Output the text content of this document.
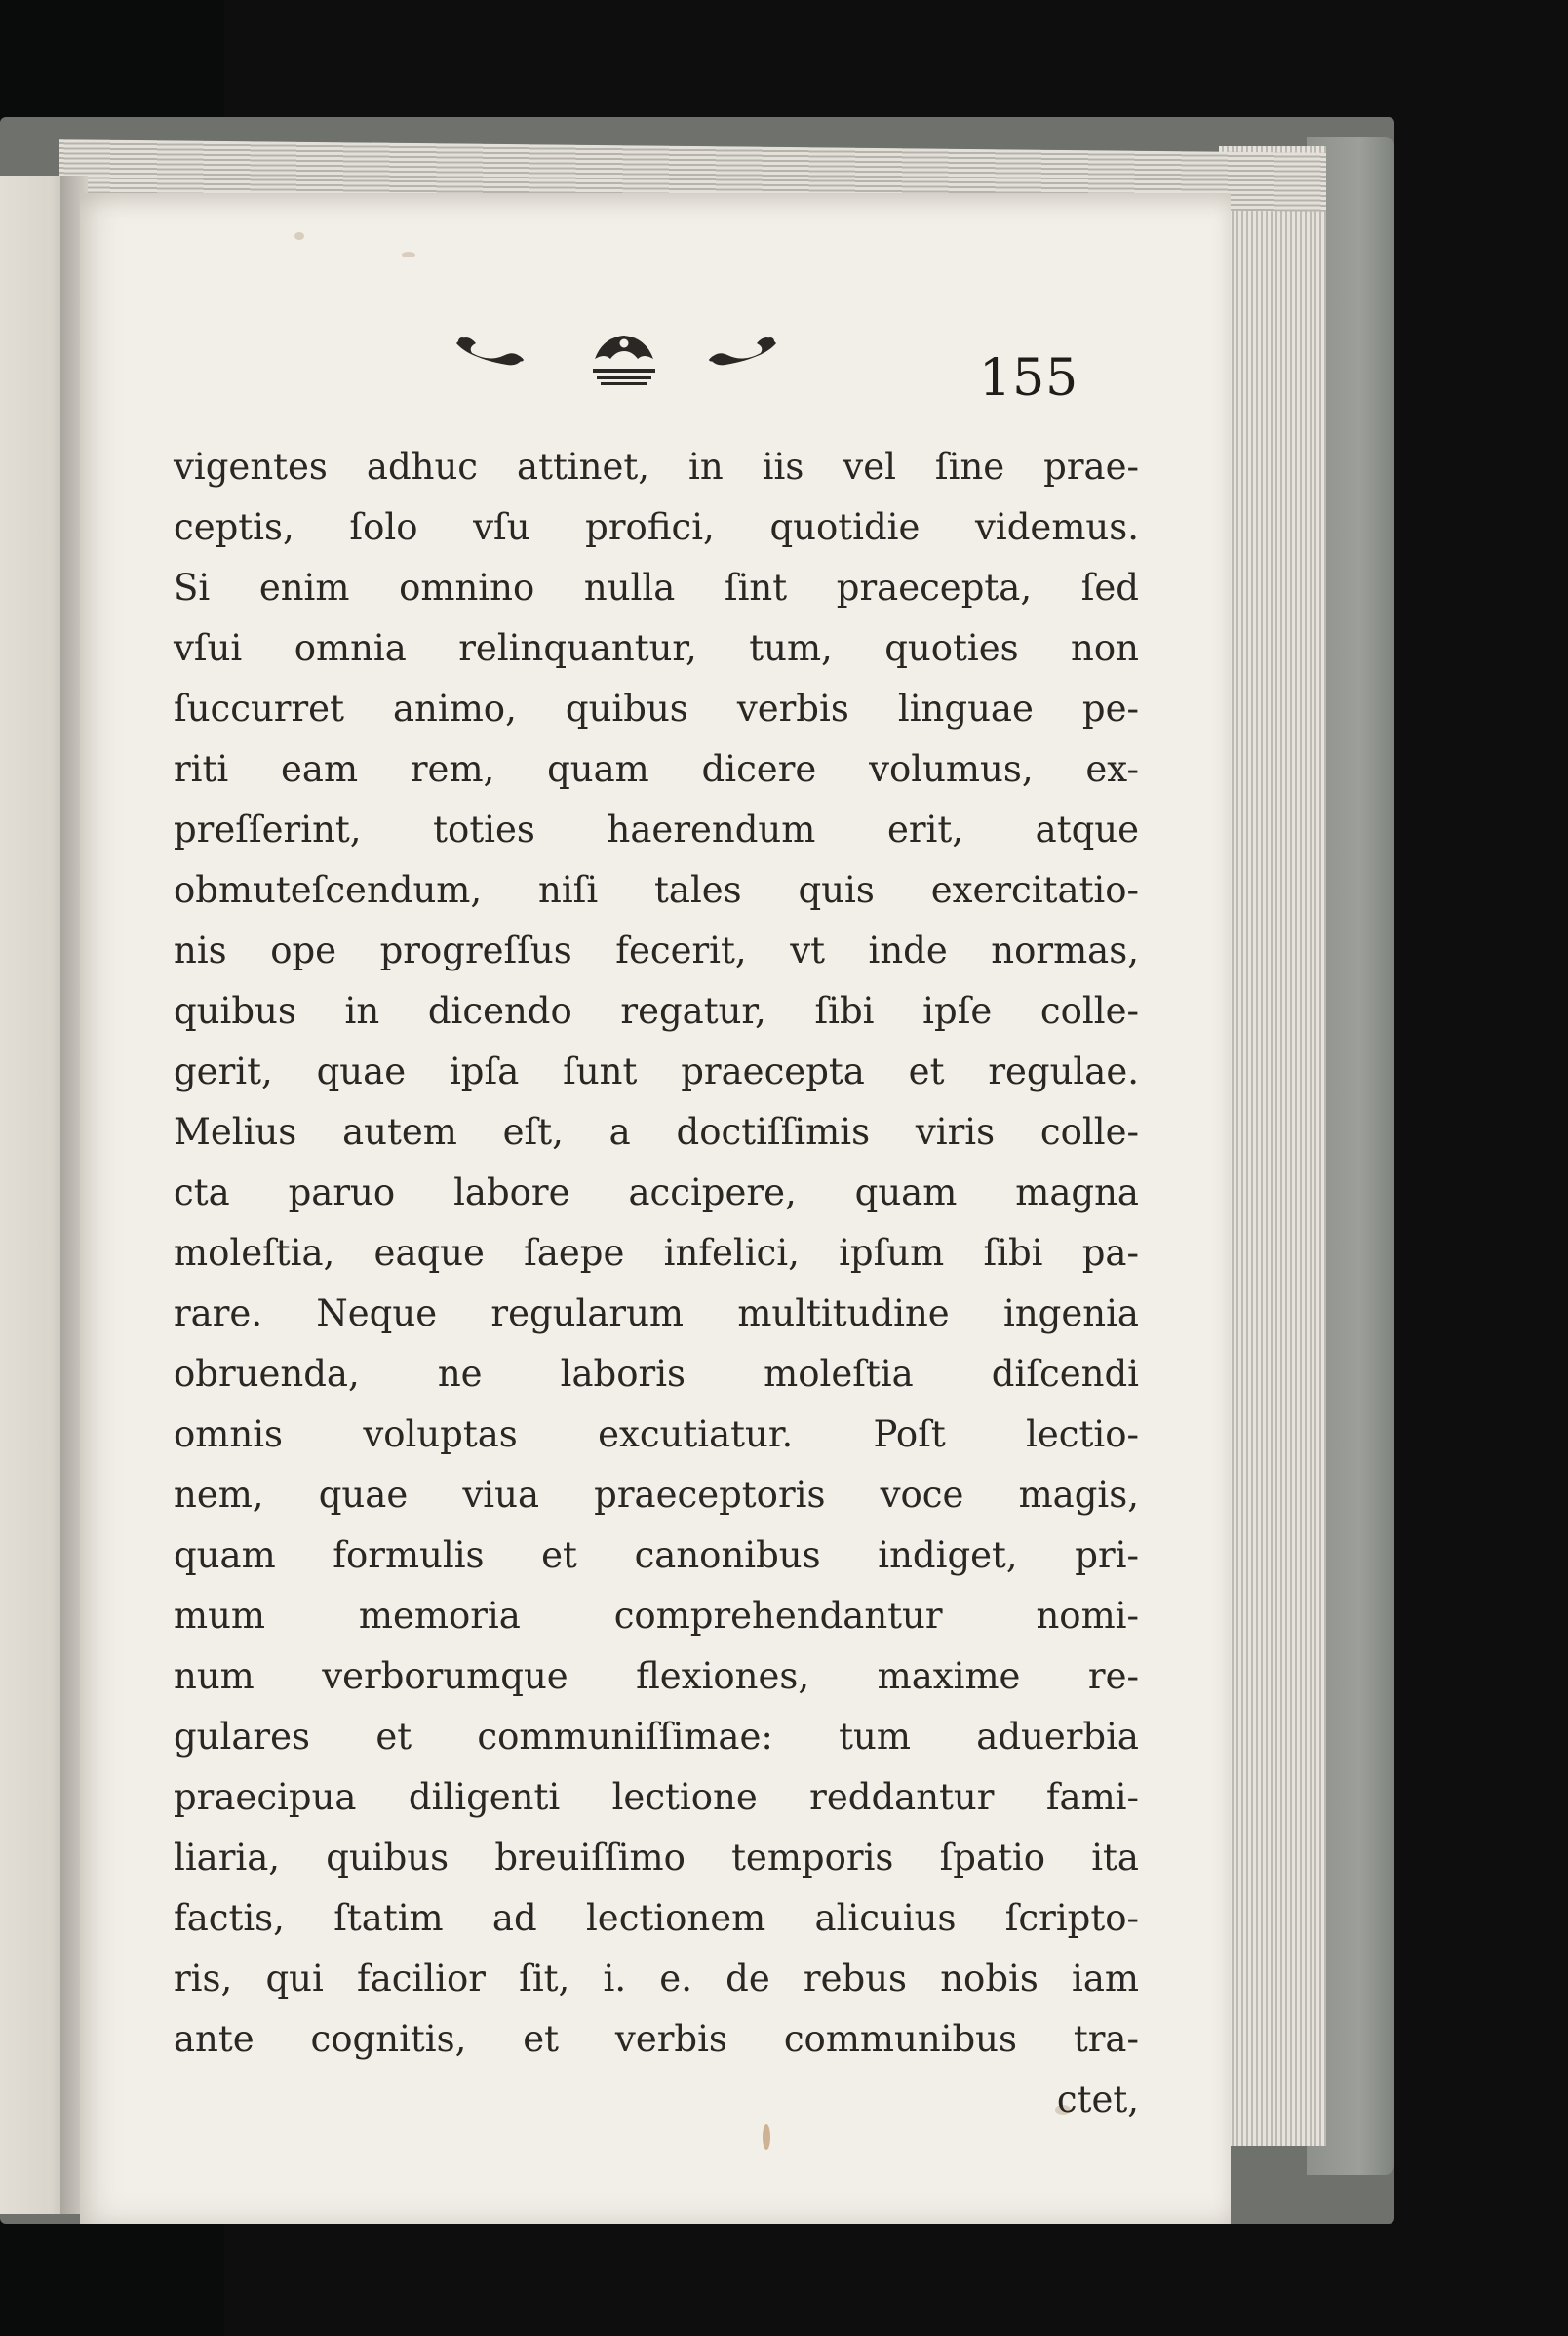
155
vigentes adhuc attinet, in iis vel ſine prae-
ceptis, ſolo vſu profici, quotidie videmus.
Si enim omnino nulla ſint praecepta, ſed
vſui omnia relinquantur, tum, quoties non
ſuccurret animo, quibus verbis linguae pe-
riti eam rem, quam dicere volumus, ex-
preſſerint, toties haerendum erit, atque
obmuteſcendum, niſi tales quis exercitatio-
nis ope progreſſus fecerit, vt inde normas,
quibus in dicendo regatur, ſibi ipſe colle-
gerit, quae ipſa ſunt praecepta et regulae.
Melius autem eſt, a doctiſſimis viris colle-
cta paruo labore accipere, quam magna
moleſtia, eaque ſaepe infelici, ipſum ſibi pa-
rare. Neque regularum multitudine ingenia
obruenda, ne laboris moleſtia diſcendi
omnis voluptas excutiatur. Poſt lectio-
nem, quae viua praeceptoris voce magis,
quam formulis et canonibus indiget, pri-
mum memoria comprehendantur nomi-
num verborumque flexiones, maxime re-
gulares et communiſſimae: tum aduerbia
praecipua diligenti lectione reddantur fami-
liaria, quibus breuiſſimo temporis ſpatio ita
factis, ſtatim ad lectionem alicuius ſcripto-
ris, qui facilior ſit, i. e. de rebus nobis iam
ante cognitis, et verbis communibus tra-
ctet,
